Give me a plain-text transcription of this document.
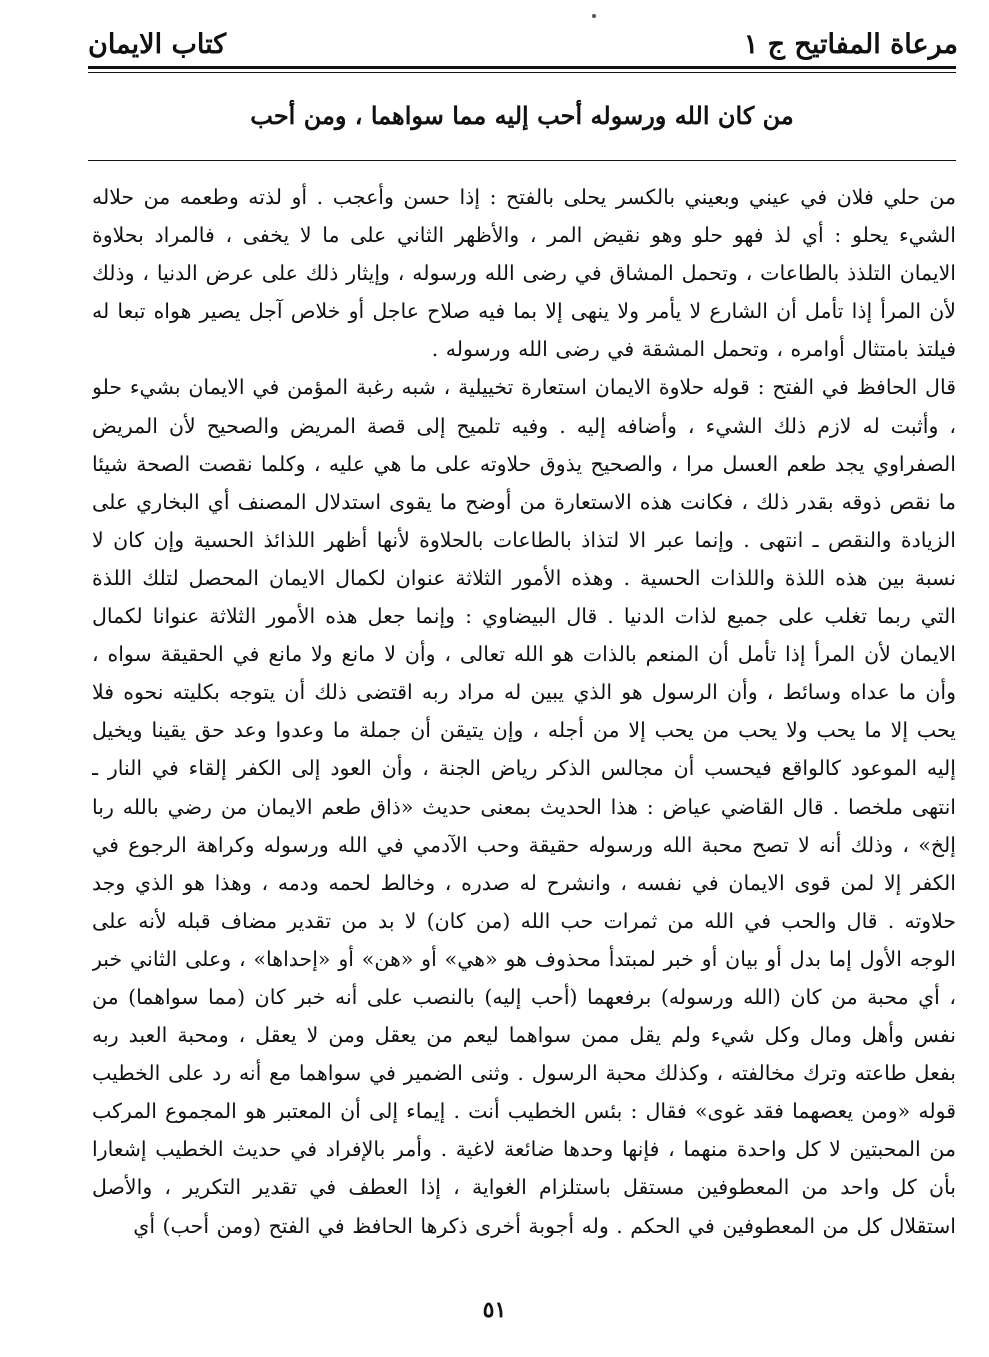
مرعاة المفاتيح ج ١
كتاب الايمان
من كان الله ورسوله أحب إليه مما سواهما ، ومن أحب

من حلي فلان في عيني وبعيني بالكسر يحلى بالفتح : إذا حسن وأعجب . أو لذته وطعمه من حلاله الشيء يحلو : أي لذ فهو حلو وهو نقيض المر ، والأظهر الثاني على ما لا يخفى ، فالمراد بحلاوة الايمان التلذذ بالطاعات ، وتحمل المشاق في رضى الله ورسوله ، وإيثار ذلك على عرض الدنيا ، وذلك لأن المرأ إذا تأمل أن الشارع لا يأمر ولا ينهى إلا بما فيه صلاح عاجل أو خلاص آجل يصير هواه تبعا له فيلتذ بامتثال أوامره ، وتحمل المشقة في رضى الله ورسوله .

قال الحافظ في الفتح : قوله حلاوة الايمان استعارة تخييلية ، شبه رغبة المؤمن في الايمان بشيء حلو ، وأثبت له لازم ذلك الشيء ، وأضافه إليه . وفيه تلميح إلى قصة المريض والصحيح لأن المريض الصفراوي يجد طعم العسل مرا ، والصحيح يذوق حلاوته على ما هي عليه ، وكلما نقصت الصحة شيئا ما نقص ذوقه بقدر ذلك ، فكانت هذه الاستعارة من أوضح ما يقوى استدلال المصنف أي البخاري على الزيادة والنقص ـ انتهى . وإنما عبر الا لتذاذ بالطاعات بالحلاوة لأنها أظهر اللذائذ الحسية وإن كان لا نسبة بين هذه اللذة واللذات الحسية . وهذه الأمور الثلاثة عنوان لكمال الايمان المحصل لتلك اللذة التي ربما تغلب على جميع لذات الدنيا . قال البيضاوي : وإنما جعل هذه الأمور الثلاثة عنوانا لكمال الايمان لأن المرأ إذا تأمل أن المنعم بالذات هو الله تعالى ، وأن لا مانع ولا مانع في الحقيقة سواه ، وأن ما عداه وسائط ، وأن الرسول هو الذي يبين له مراد ربه اقتضى ذلك أن يتوجه بكليته نحوه فلا يحب إلا ما يحب ولا يحب من يحب إلا من أجله ، وإن يتيقن أن جملة ما وعدوا وعد حق يقينا ويخيل إليه الموعود كالواقع فيحسب أن مجالس الذكر رياض الجنة ، وأن العود إلى الكفر إلقاء في النار ـ انتهى ملخصا . قال القاضي عياض : هذا الحديث بمعنى حديث «ذاق طعم الايمان من رضي بالله ربا إلخ» ، وذلك أنه لا تصح محبة الله ورسوله حقيقة وحب الآدمي في الله ورسوله وكراهة الرجوع في الكفر إلا لمن قوى الايمان في نفسه ، وانشرح له صدره ، وخالط لحمه ودمه ، وهذا هو الذي وجد حلاوته . قال والحب في الله من ثمرات حب الله (من كان) لا بد من تقدير مضاف قبله لأنه على الوجه الأول إما بدل أو بيان أو خبر لمبتدأ محذوف هو «هي» أو «هن» أو «إحداها» ، وعلى الثاني خبر ، أي محبة من كان (الله ورسوله) برفعهما (أحب إليه) بالنصب على أنه خبر كان (مما سواهما) من نفس وأهل ومال وكل شيء ولم يقل ممن سواهما ليعم من يعقل ومن لا يعقل ، ومحبة العبد ربه بفعل طاعته وترك مخالفته ، وكذلك محبة الرسول . وثنى الضمير في سواهما مع أنه رد على الخطيب قوله «ومن يعصهما فقد غوى» فقال : بئس الخطيب أنت . إيماء إلى أن المعتبر هو المجموع المركب من المحبتين لا كل واحدة منهما ، فإنها وحدها ضائعة لاغية . وأمر بالإفراد في حديث الخطيب إشعارا بأن كل واحد من المعطوفين مستقل باستلزام الغواية ، إذا العطف في تقدير التكرير ، والأصل استقلال كل من المعطوفين في الحكم . وله أجوبة أخرى ذكرها الحافظ في الفتح (ومن أحب) أي

٥١
